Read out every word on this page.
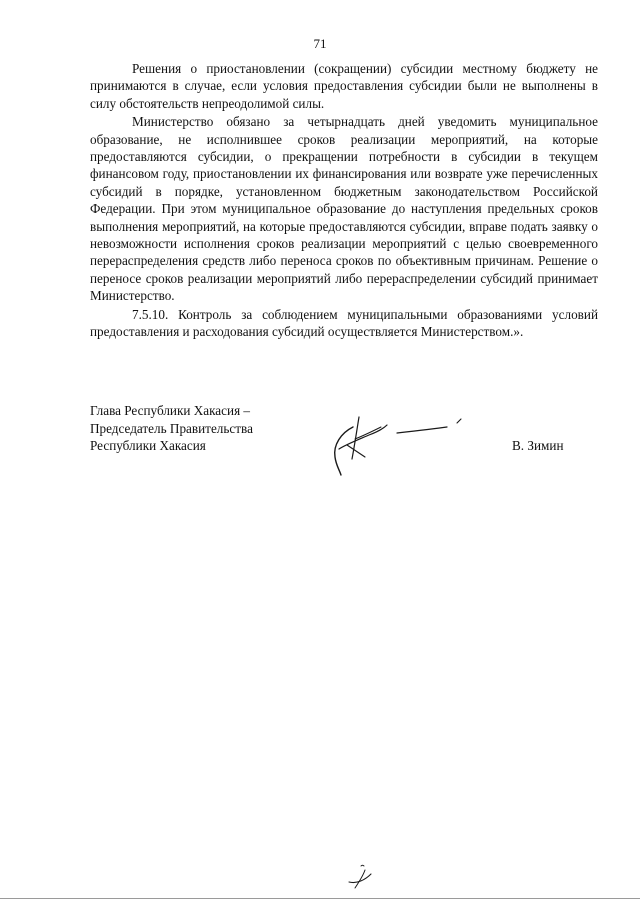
71

Решения о приостановлении (сокращении) субсидии местному бюджету не принимаются в случае, если условия предоставления субсидии были не выполнены в силу обстоятельств непреодолимой силы.

Министерство обязано за четырнадцать дней уведомить муниципальное образование, не исполнившее сроков реализации мероприятий, на которые предоставляются субсидии, о прекращении потребности в субсидии в текущем финансовом году, приостановлении их финансирования или возврате уже перечисленных субсидий в порядке, установленном бюджетным законодательством Российской Федерации. При этом муниципальное образование до наступления предельных сроков выполнения мероприятий, на которые предоставляются субсидии, вправе подать заявку о невозможности исполнения сроков реализации мероприятий с целью своевременного перераспределения средств либо переноса сроков по объективным причинам. Решение о переносе сроков реализации мероприятий либо перераспределении субсидий принимает Министерство.

7.5.10. Контроль за соблюдением муниципальными образованиями условий предоставления и расходования субсидий осуществляется Министерством.».

Глава Республики Хакасия –
Председатель Правительства
Республики Хакасия	В. Зимин
